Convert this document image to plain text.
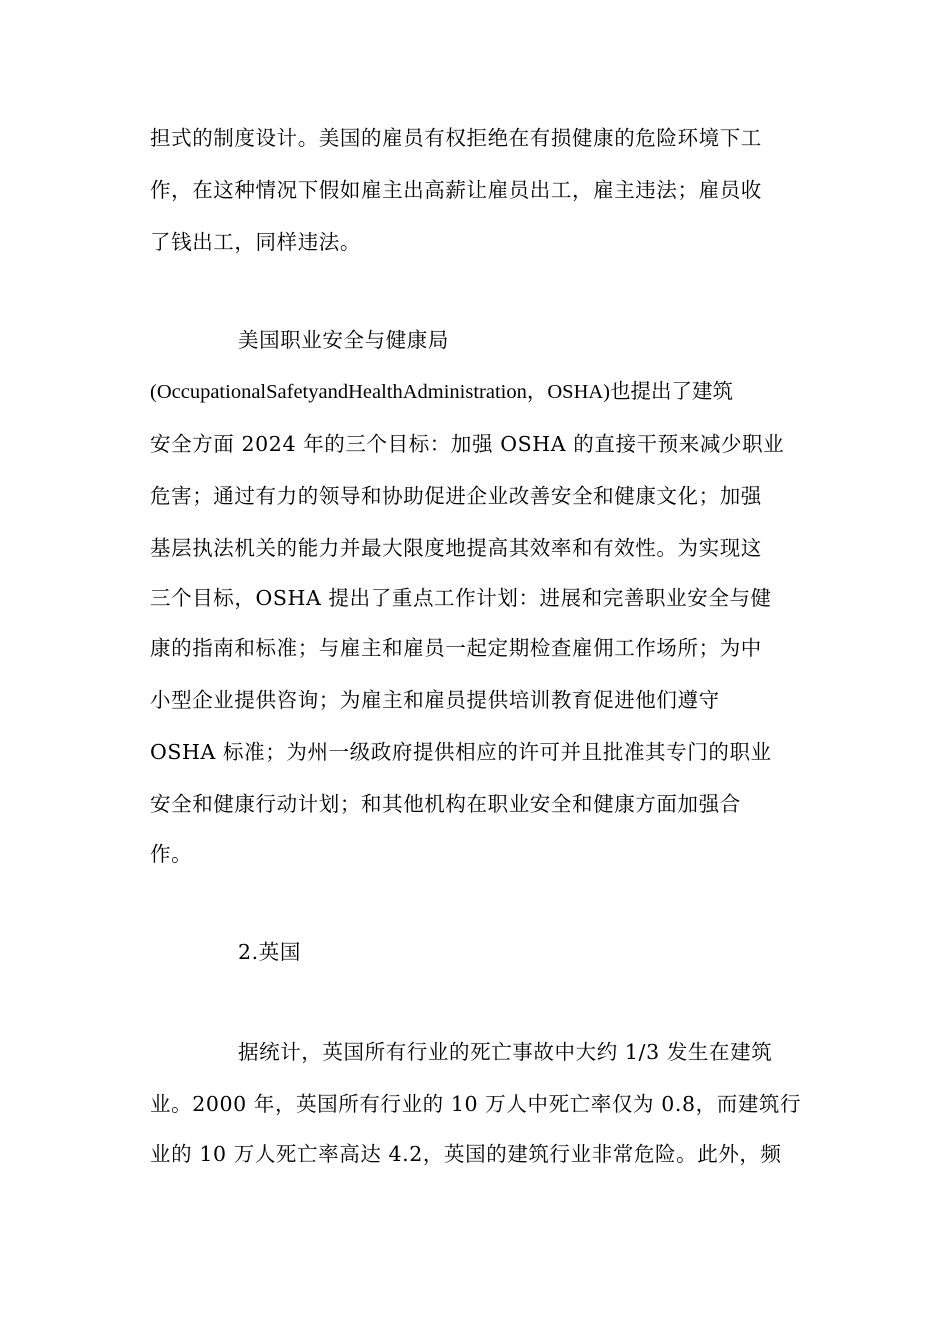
担式的制度设计。美国的雇员有权拒绝在有损健康的危险环境下工
作，在这种情况下假如雇主出高薪让雇员出工，雇主违法；雇员收
了钱出工，同样违法。
美国职业安全与健康局
(OccupationalSafetyandHealthAdministration，OSHA)也提出了建筑
安全方面 2024 年的三个目标：加强 OSHA 的直接干预来减少职业
危害；通过有力的领导和协助促进企业改善安全和健康文化；加强
基层执法机关的能力并最大限度地提高其效率和有效性。为实现这
三个目标，OSHA 提出了重点工作计划：进展和完善职业安全与健
康的指南和标准；与雇主和雇员一起定期检查雇佣工作场所；为中
小型企业提供咨询；为雇主和雇员提供培训教育促进他们遵守
OSHA 标准；为州一级政府提供相应的许可并且批准其专门的职业
安全和健康行动计划；和其他机构在职业安全和健康方面加强合
作。
2.英国
据统计，英国所有行业的死亡事故中大约 1/3 发生在建筑
业。2000 年，英国所有行业的 10 万人中死亡率仅为 0.8，而建筑行
业的 10 万人死亡率高达 4.2，英国的建筑行业非常危险。此外，频
